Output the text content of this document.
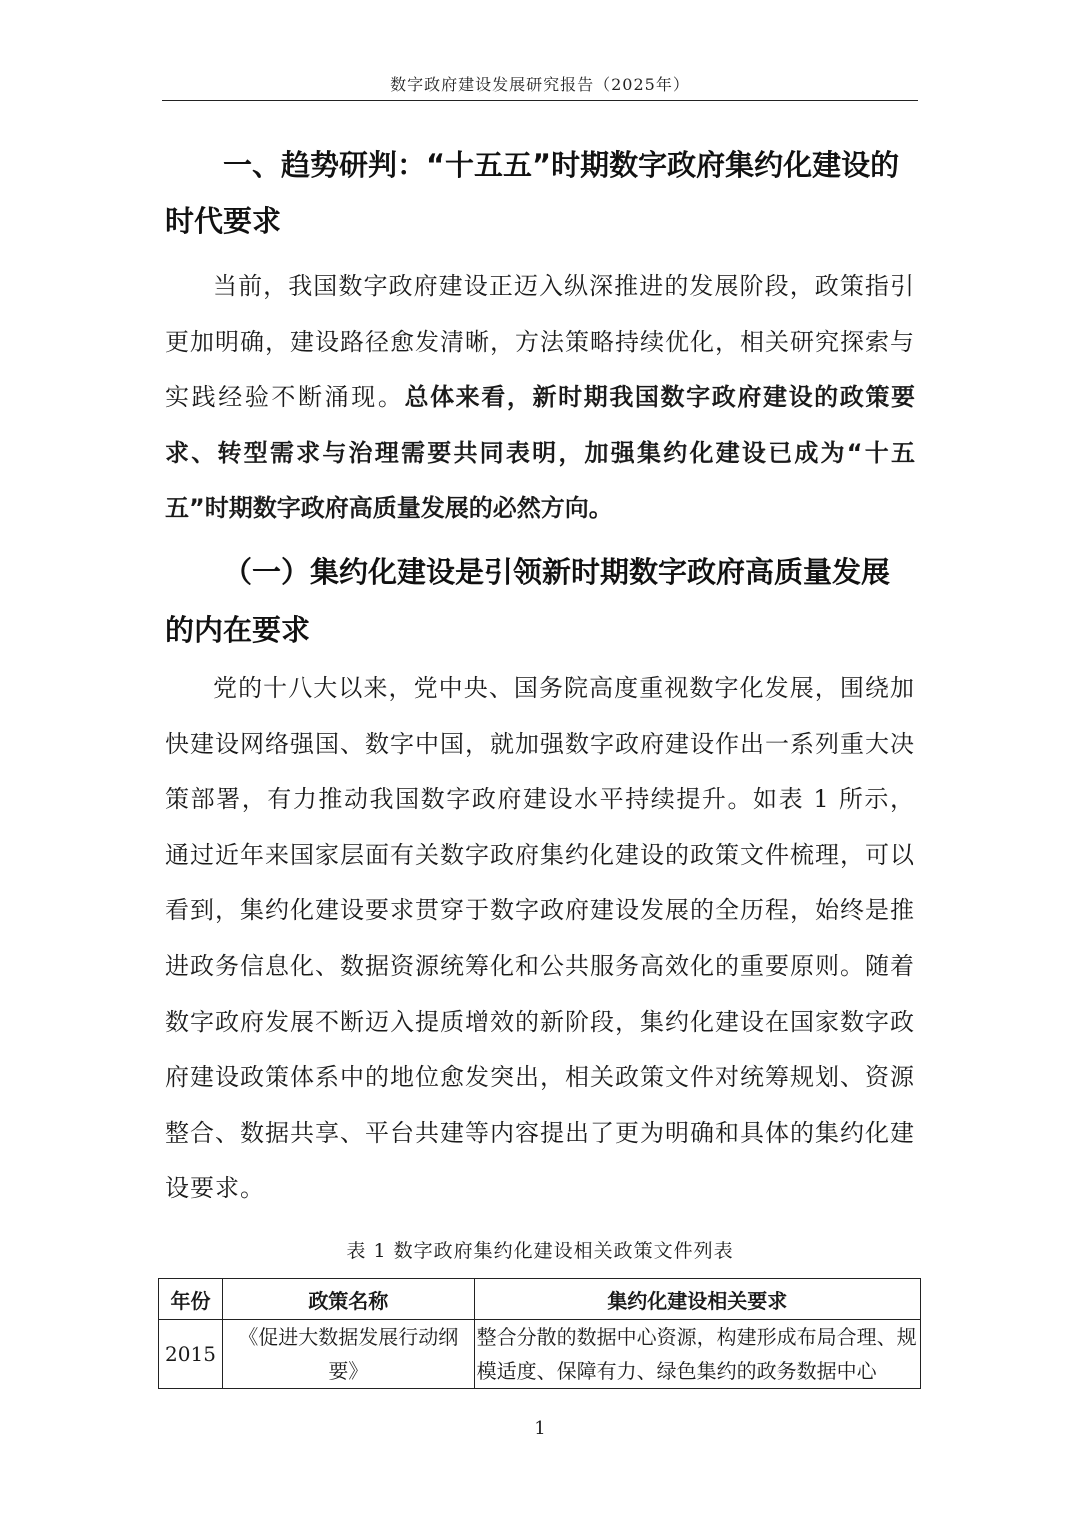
数字政府建设发展研究报告（2025年）
一、趋势研判：“十五五”时期数字政府集约化建设的时代要求
当前，我国数字政府建设正迈入纵深推进的发展阶段，政策指引更加明确，建设路径愈发清晰，方法策略持续优化，相关研究探索与实践经验不断涌现。总体来看，新时期我国数字政府建设的政策要求、转型需求与治理需要共同表明，加强集约化建设已成为“十五五”时期数字政府高质量发展的必然方向。
（一）集约化建设是引领新时期数字政府高质量发展的内在要求
党的十八大以来，党中央、国务院高度重视数字化发展，围绕加快建设网络强国、数字中国，就加强数字政府建设作出一系列重大决策部署，有力推动我国数字政府建设水平持续提升。如表 1 所示，通过近年来国家层面有关数字政府集约化建设的政策文件梳理，可以看到，集约化建设要求贯穿于数字政府建设发展的全历程，始终是推进政务信息化、数据资源统筹化和公共服务高效化的重要原则。随着数字政府发展不断迈入提质增效的新阶段，集约化建设在国家数字政府建设政策体系中的地位愈发突出，相关政策文件对统筹规划、资源整合、数据共享、平台共建等内容提出了更为明确和具体的集约化建设要求。
表 1 数字政府集约化建设相关政策文件列表
年份	政策名称	集约化建设相关要求
2015	《促进大数据发展行动纲要》	整合分散的数据中心资源，构建形成布局合理、规模适度、保障有力、绿色集约的政务数据中心
1
